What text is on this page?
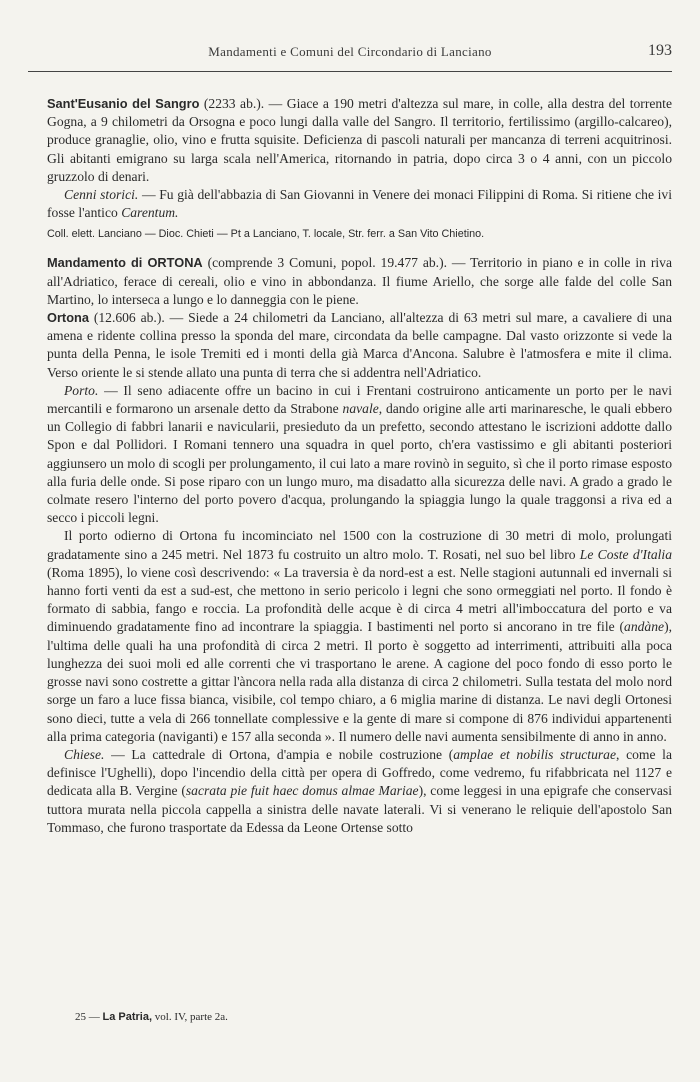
Mandamenti e Comuni del Circondario di Lanciano	193

Sant'Eusanio del Sangro (2233 ab.). — Giace a 190 metri d'altezza sul mare, in colle, alla destra del torrente Gogna, a 9 chilometri da Orsogna e poco lungi dalla valle del Sangro. Il territorio, fertilissimo (argillo-calcareo), produce granaglie, olio, vino e frutta squisite. Deficienza di pascoli naturali per mancanza di terreni acquitrinosi. Gli abitanti emigrano su larga scala nell'America, ritornando in patria, dopo circa 3 o 4 anni, con un piccolo gruzzolo di denari.

Cenni storici. — Fu già dell'abbazia di San Giovanni in Venere dei monaci Filippini di Roma. Si ritiene che ivi fosse l'antico Carentum.

Coll. elett. Lanciano — Dioc. Chieti — Pt a Lanciano, T. locale, Str. ferr. a San Vito Chietino.

Mandamento di ORTONA (comprende 3 Comuni, popol. 19.477 ab.). — Territorio in piano e in colle in riva all'Adriatico, ferace di cereali, olio e vino in abbondanza. Il fiume Ariello, che sorge alle falde del colle San Martino, lo interseca a lungo e lo danneggia con le piene.

Ortona (12.606 ab.). — Siede a 24 chilometri da Lanciano, all'altezza di 63 metri sul mare, a cavaliere di una amena e ridente collina presso la sponda del mare, circondata da belle campagne. Dal vasto orizzonte si vede la punta della Penna, le isole Tremiti ed i monti della già Marca d'Ancona. Salubre è l'atmosfera e mite il clima. Verso oriente le si stende allato una punta di terra che si addentra nell'Adriatico.

Porto. — Il seno adiacente offre un bacino in cui i Frentani costruirono anticamente un porto per le navi mercantili e formarono un arsenale detto da Strabone navale, dando origine alle arti marinaresche, le quali ebbero un Collegio di fabbri lanarii e navicularii, presieduto da un prefetto, secondo attestano le iscrizioni addotte dallo Spon e dal Pollidori. I Romani tennero una squadra in quel porto, ch'era vastissimo e gli abitanti posteriori aggiunsero un molo di scogli per prolungamento, il cui lato a mare rovinò in seguito, sì che il porto rimase esposto alla furia delle onde. Si pose riparo con un lungo muro, ma disadatto alla sicurezza delle navi. A grado a grado le colmate resero l'interno del porto povero d'acqua, prolungando la spiaggia lungo la quale traggonsi a riva ed a secco i piccoli legni.

Il porto odierno di Ortona fu incominciato nel 1500 con la costruzione di 30 metri di molo, prolungati gradatamente sino a 245 metri. Nel 1873 fu costruito un altro molo. T. Rosati, nel suo bel libro Le Coste d'Italia (Roma 1895), lo viene così descrivendo: « La traversia è da nord-est a est. Nelle stagioni autunnali ed invernali si hanno forti venti da est a sud-est, che mettono in serio pericolo i legni che sono ormeggiati nel porto. Il fondo è formato di sabbia, fango e roccia. La profondità delle acque è di circa 4 metri all'imboccatura del porto e va diminuendo gradatamente fino ad incontrare la spiaggia. I bastimenti nel porto si ancorano in tre file (andàne), l'ultima delle quali ha una profondità di circa 2 metri. Il porto è soggetto ad interrimenti, attribuiti alla poca lunghezza dei suoi moli ed alle correnti che vi trasportano le arene. A cagione del poco fondo di esso porto le grosse navi sono costrette a gittar l'àncora nella rada alla distanza di circa 2 chilometri. Sulla testata del molo nord sorge un faro a luce fissa bianca, visibile, col tempo chiaro, a 6 miglia marine di distanza. Le navi degli Ortonesi sono dieci, tutte a vela di 266 tonnellate complessive e la gente di mare si compone di 876 individui appartenenti alla prima categoria (naviganti) e 157 alla seconda ». Il numero delle navi aumenta sensibilmente di anno in anno.

Chiese. — La cattedrale di Ortona, d'ampia e nobile costruzione (amplae et nobilis structurae, come la definisce l'Ughelli), dopo l'incendio della città per opera di Goffredo, come vedremo, fu rifabbricata nel 1127 e dedicata alla B. Vergine (sacrata pie fuit haec domus almae Mariae), come leggesi in una epigrafe che conservasi tuttora murata nella piccola cappella a sinistra delle navate laterali. Vi si venerano le reliquie dell'apostolo San Tommaso, che furono trasportate da Edessa da Leone Ortense sotto

25 — La Patria, vol. IV, parte 2a.
